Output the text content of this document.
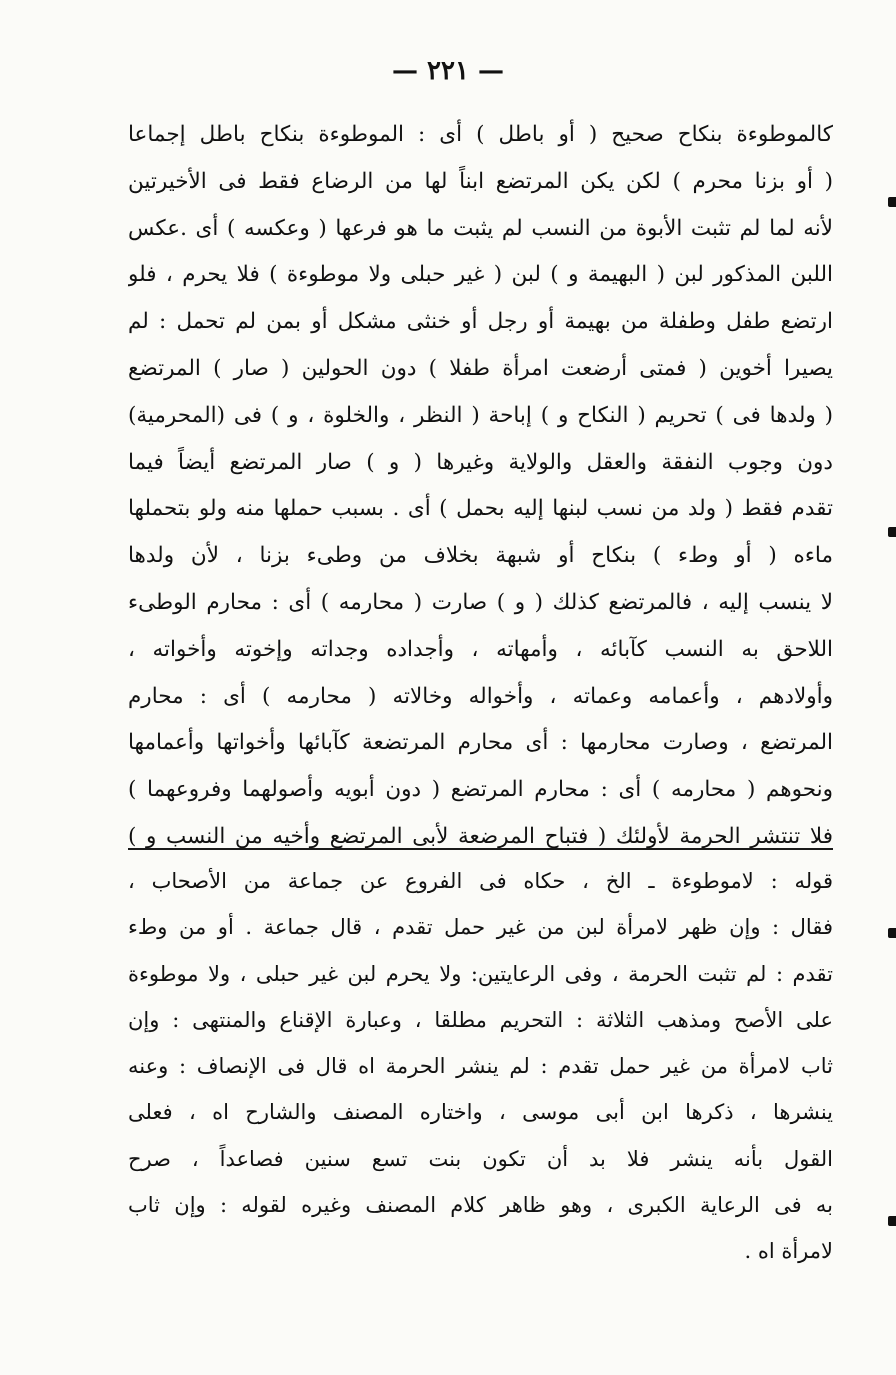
— ٢٢١ —
كالموطوءة بنكاح صحيح ( أو باطل ) أى : الموطوءة بنكاح باطل إجماعا
( أو بزنا محرم ) لكن يكن المرتضع ابناً لها من الرضاع فقط فى الأخيرتين
لأنه لما لم تثبت الأبوة من النسب لم يثبت ما هو فرعها ( وعكسه ) أى .عكس
اللبن المذكور لبن ( البهيمة و ) لبن ( غير حبلى ولا موطوءة ) فلا يحرم ، فلو
ارتضع طفل وطفلة من بهيمة أو رجل أو خنثى مشكل أو بمن لم تحمل : لم
يصيرا أخوين ( فمتى أرضعت امرأة طفلا ) دون الحولين ( صار ) المرتضع
( ولدها فى ) تحريم ( النكاح و ) إباحة ( النظر ، والخلوة ، و ) فى (المحرمية)
دون وجوب النفقة والعقل والولاية وغيرها ( و ) صار المرتضع أيضاً فيما
تقدم فقط ( ولد من نسب لبنها إليه بحمل ) أى . بسبب حملها منه ولو بتحملها
ماءه ( أو وطء ) بنكاح أو شبهة بخلاف من وطىء بزنا ، لأن ولدها
لا ينسب إليه ، فالمرتضع كذلك ( و ) صارت ( محارمه ) أى : محارم الوطىء
اللاحق به النسب كآبائه ، وأمهاته ، وأجداده وجداته وإخوته وأخواته ،
وأولادهم ، وأعمامه وعماته ، وأخواله وخالاته ( محارمه ) أى : محارم
المرتضع ، وصارت محارمها : أى محارم المرتضعة كآبائها وأخواتها وأعمامها
ونحوهم ( محارمه ) أى : محارم المرتضع ( دون أبويه وأصولهما وفروعهما )
فلا تنتشر الحرمة لأولئك ( فتباح المرضعة لأبى المرتضع وأخيه من النسب و )
قوله : لاموطوءة ـ الخ ، حكاه فى الفروع عن جماعة من الأصحاب ،
فقال : وإن ظهر لامرأة لبن من غير حمل تقدم ، قال جماعة . أو من وطء
تقدم : لم تثبت الحرمة ، وفى الرعايتين: ولا يحرم لبن غير حبلى ، ولا موطوءة
على الأصح ومذهب الثلاثة : التحريم مطلقا ، وعبارة الإقناع والمنتهى : وإن
ثاب لامرأة من غير حمل تقدم : لم ينشر الحرمة اه قال فى الإنصاف : وعنه
ينشرها ، ذكرها ابن أبى موسى ، واختاره المصنف والشارح اه ، فعلى
القول بأنه ينشر فلا بد أن تكون بنت تسع سنين فصاعداً ، صرح
به فى الرعاية الكبرى ، وهو ظاهر كلام المصنف وغيره لقوله : وإن ثاب
لامرأة اه .
